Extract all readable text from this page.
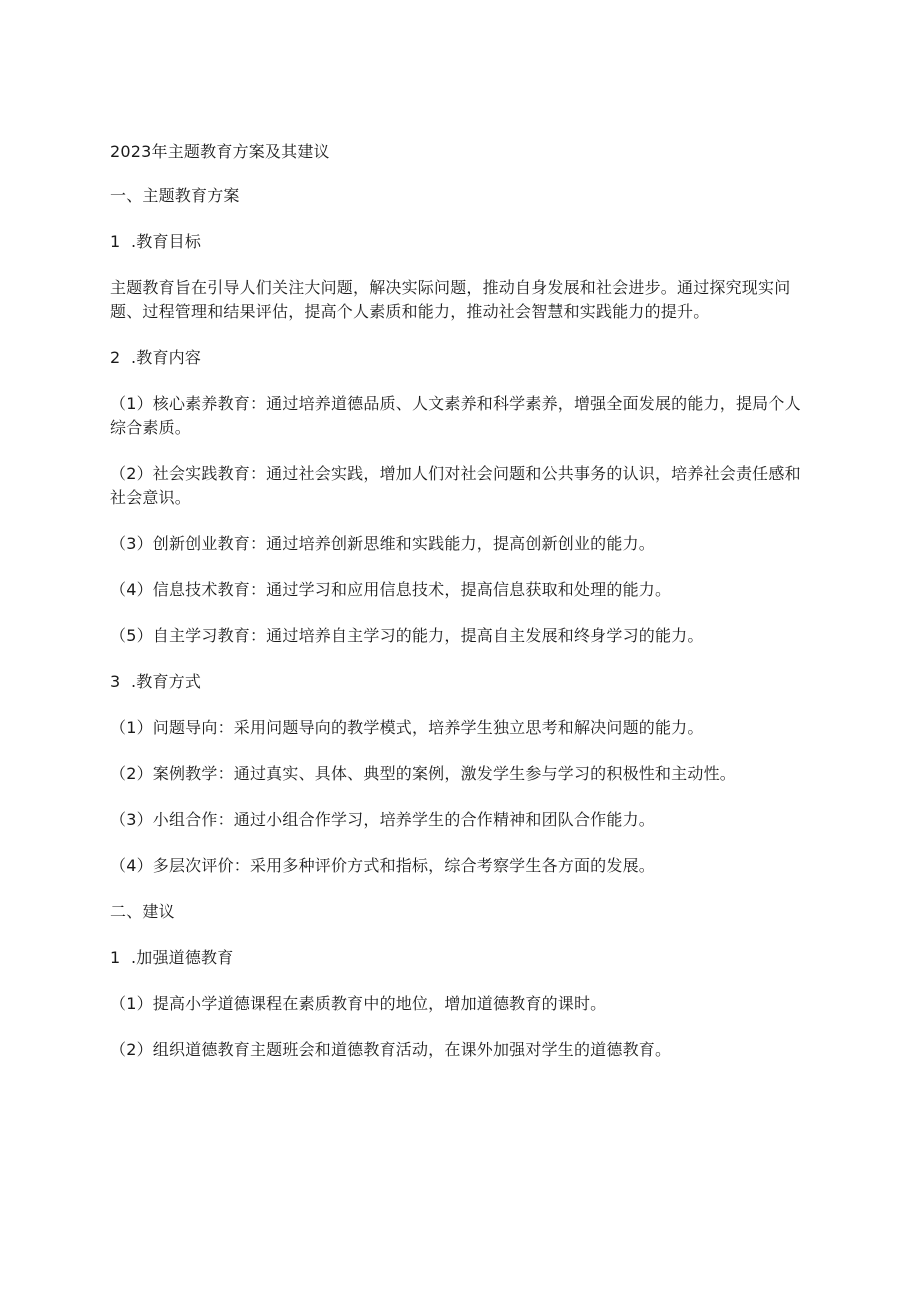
2023年主题教育方案及其建议

一、主题教育方案

1  .教育目标

主题教育旨在引导人们关注大问题，解决实际问题，推动自身发展和社会进步。通过探究现实问题、过程管理和结果评估，提高个人素质和能力，推动社会智慧和实践能力的提升。

2  .教育内容

（1）核心素养教育：通过培养道德品质、人文素养和科学素养，增强全面发展的能力，提局个人综合素质。

（2）社会实践教育：通过社会实践，增加人们对社会问题和公共事务的认识，培养社会责任感和社会意识。

（3）创新创业教育：通过培养创新思维和实践能力，提高创新创业的能力。

（4）信息技术教育：通过学习和应用信息技术，提高信息获取和处理的能力。

（5）自主学习教育：通过培养自主学习的能力，提高自主发展和终身学习的能力。

3  .教育方式

（1）问题导向：采用问题导向的教学模式，培养学生独立思考和解决问题的能力。

（2）案例教学：通过真实、具体、典型的案例，激发学生参与学习的积极性和主动性。

（3）小组合作：通过小组合作学习，培养学生的合作精神和团队合作能力。

（4）多层次评价：采用多种评价方式和指标，综合考察学生各方面的发展。

二、建议

1  .加强道德教育

（1）提高小学道德课程在素质教育中的地位，增加道德教育的课时。

（2）组织道德教育主题班会和道德教育活动，在课外加强对学生的道德教育。
